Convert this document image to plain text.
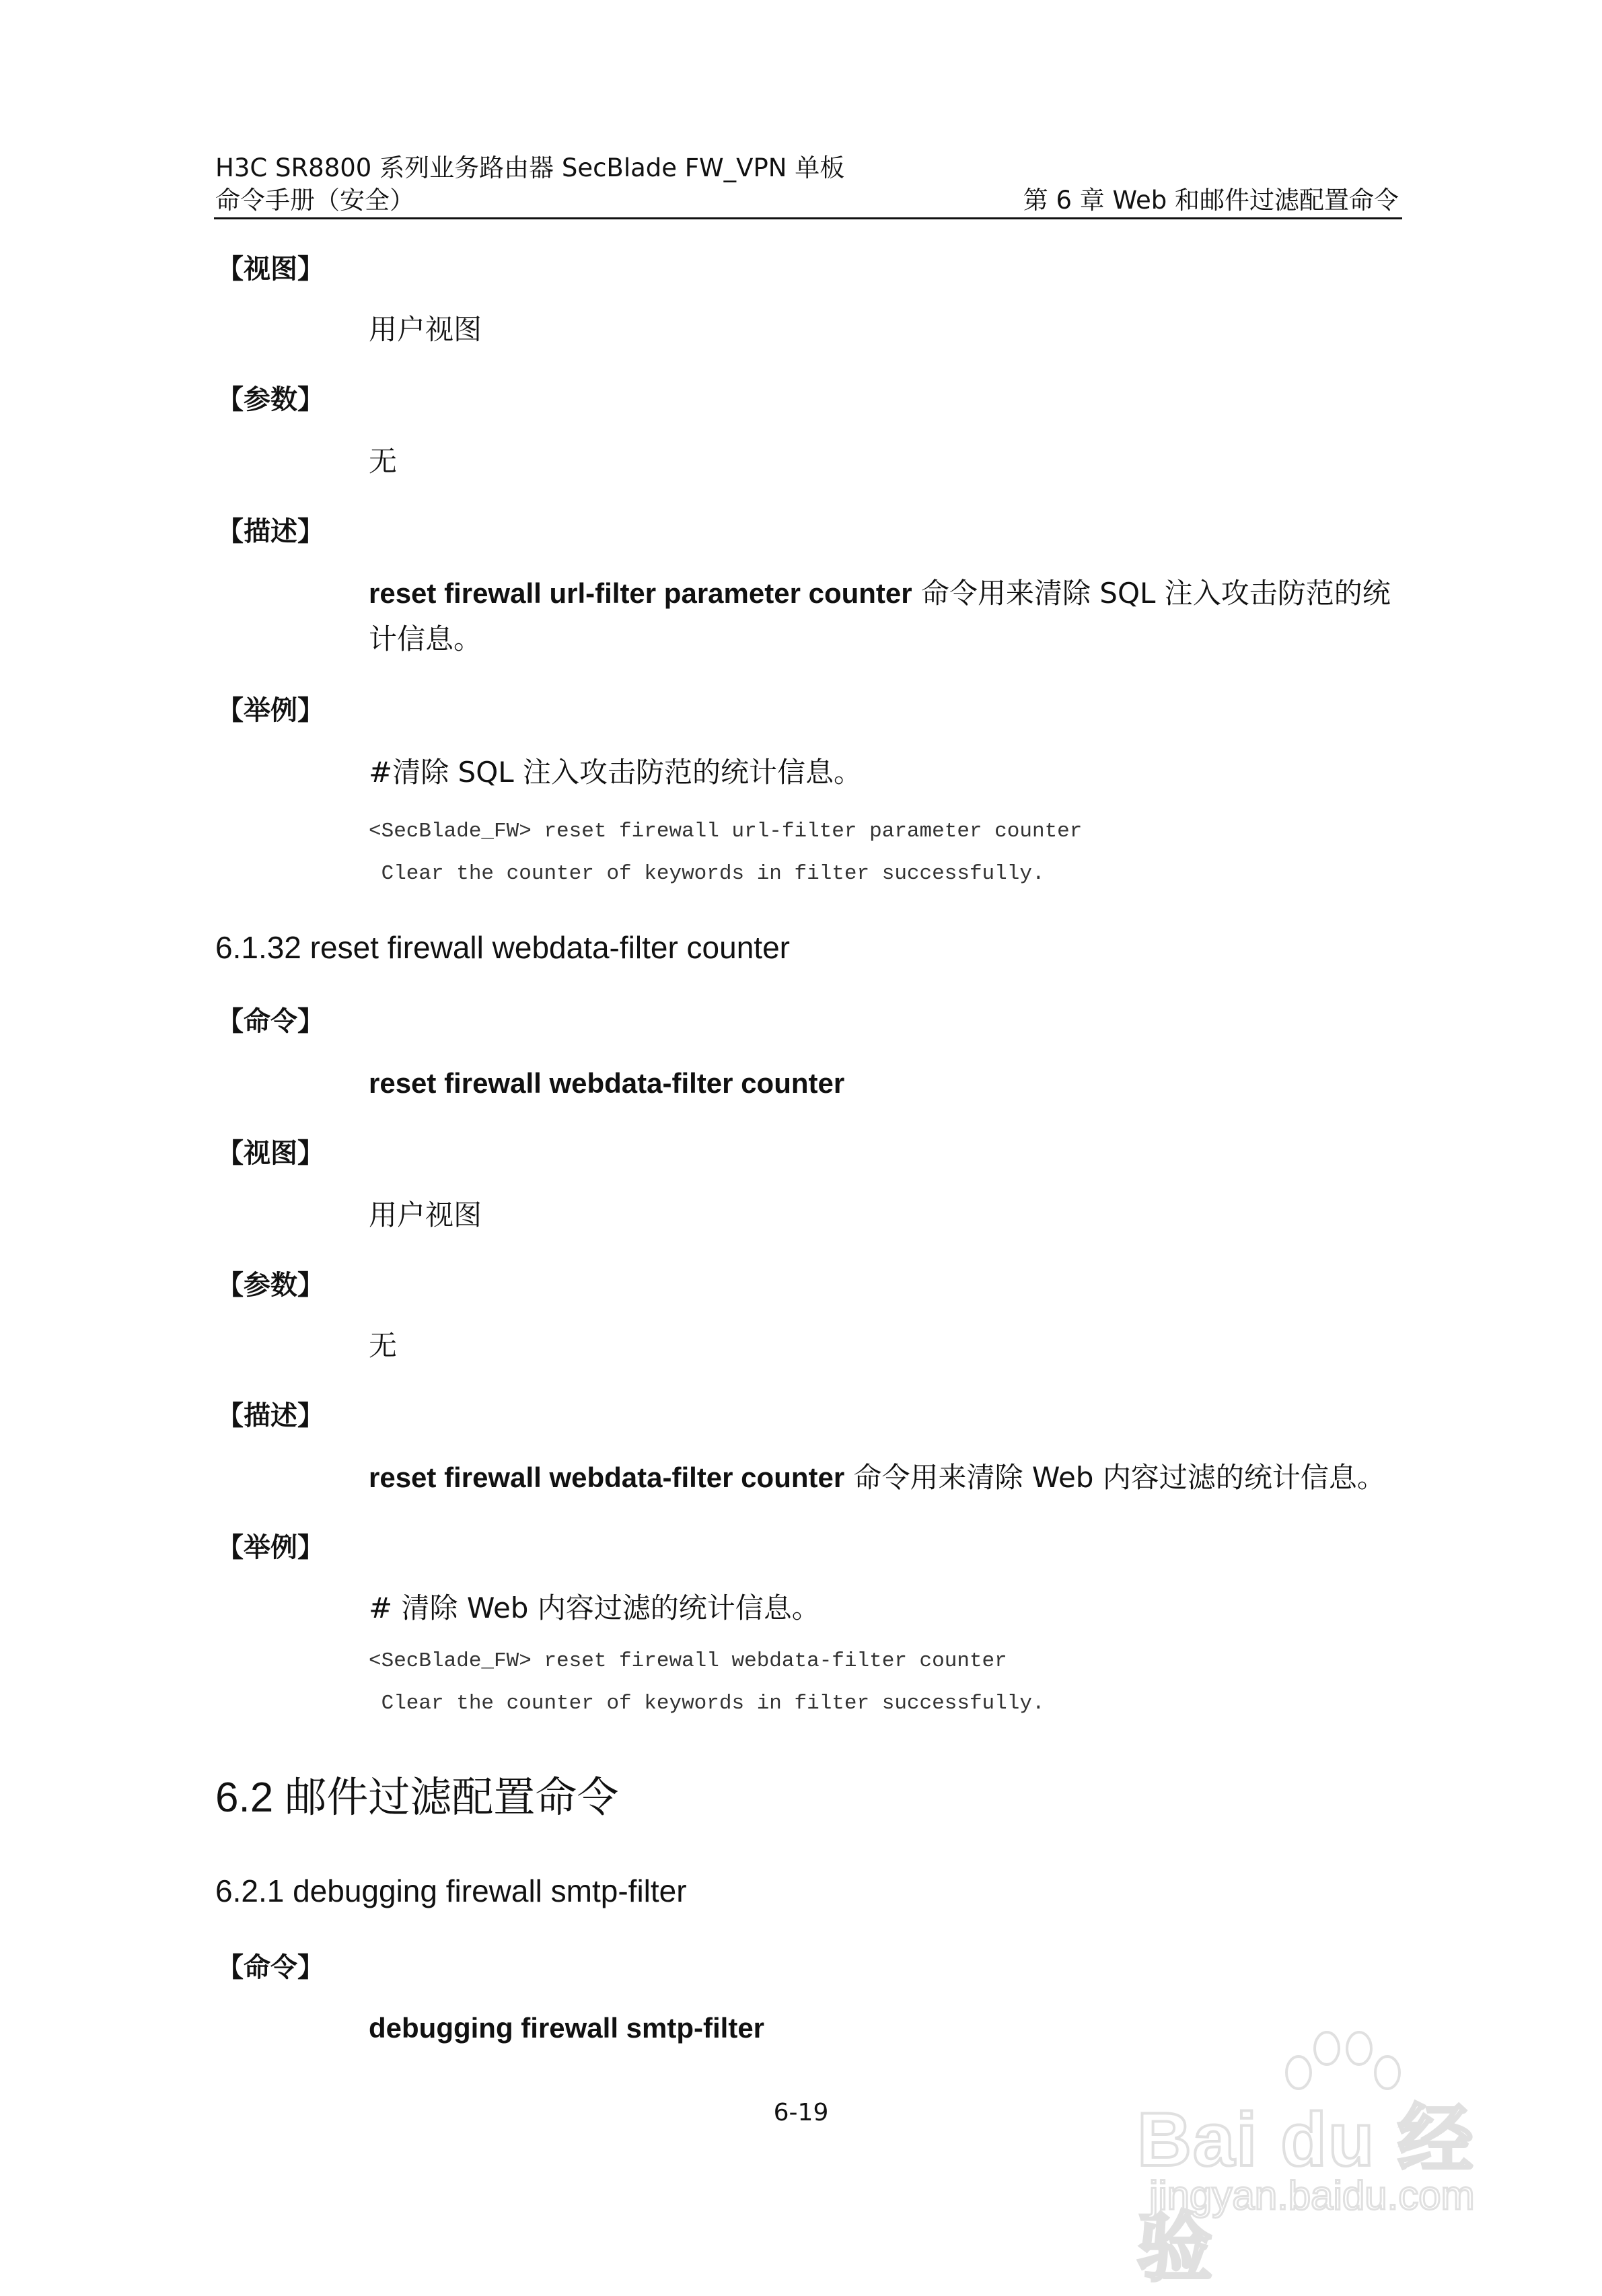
H3C SR8800 系列业务路由器 SecBlade FW_VPN 单板
命令手册（安全）	第 6 章 Web 和邮件过滤配置命令
【视图】
用户视图
【参数】
无
【描述】
reset firewall url-filter parameter counter 命令用来清除 SQL 注入攻击防范的统
计信息。
【举例】
#清除 SQL 注入攻击防范的统计信息。
<SecBlade_FW> reset firewall url-filter parameter counter
Clear the counter of keywords in filter successfully.
6.1.32 reset firewall webdata-filter counter
【命令】
reset firewall webdata-filter counter
【视图】
用户视图
【参数】
无
【描述】
reset firewall webdata-filter counter 命令用来清除 Web 内容过滤的统计信息。
【举例】
# 清除 Web 内容过滤的统计信息。
<SecBlade_FW> reset firewall webdata-filter counter
Clear the counter of keywords in filter successfully.
6.2 邮件过滤配置命令
6.2.1 debugging firewall smtp-filter
【命令】
debugging firewall smtp-filter
6-19	Bai du 经验
jingyan.baidu.com
